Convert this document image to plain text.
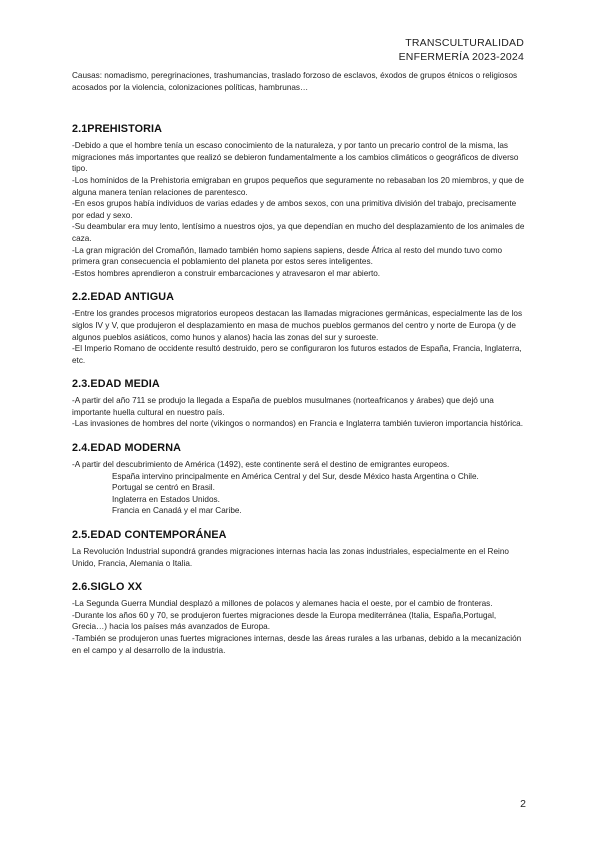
TRANSCULTURALIDAD
ENFERMERÍA 2023-2024

Causas: nomadismo, peregrinaciones, trashumancias, traslado forzoso de esclavos, éxodos de grupos étnicos o religiosos acosados por la violencia, colonizaciones políticas, hambrunas…

2.1PREHISTORIA

-Debido a que el hombre tenía un escaso conocimiento de la naturaleza, y por tanto un precario control de la misma, las migraciones más importantes que realizó se debieron fundamentalmente a los cambios climáticos o geográficos de diverso tipo.

-Los homínidos de la Prehistoria emigraban en grupos pequeños que seguramente no rebasaban los 20 miembros, y que de alguna manera tenían relaciones de parentesco.

-En esos grupos había individuos de varias edades y de ambos sexos, con una primitiva división del trabajo, precisamente por edad y sexo.

-Su deambular era muy lento, lentísimo a nuestros ojos, ya que dependían en mucho del desplazamiento de los animales de caza.

-La gran migración del Cromañón, llamado también homo sapiens sapiens, desde África al resto del mundo tuvo como primera gran consecuencia el poblamiento del planeta por estos seres inteligentes.

-Estos hombres aprendieron a construir embarcaciones y atravesaron el mar abierto.

2.2.EDAD ANTIGUA

-Entre los grandes procesos migratorios europeos destacan las llamadas migraciones germánicas, especialmente las de los siglos IV y V, que produjeron el desplazamiento en masa de muchos pueblos germanos del centro y norte de Europa (y de algunos pueblos asiáticos, como hunos y alanos) hacia las zonas del sur y suroeste.

-El Imperio Romano de occidente resultó destruido, pero se configuraron los futuros estados de España, Francia, Inglaterra, etc.

2.3.EDAD MEDIA

-A partir del año 711 se produjo la llegada a España de pueblos musulmanes (norteafricanos y árabes) que dejó una importante huella cultural en nuestro país.

-Las invasiones de hombres del norte (vikingos o normandos) en Francia e Inglaterra también tuvieron importancia histórica.

2.4.EDAD MODERNA

-A partir del descubrimiento de América (1492), este continente será el destino de emigrantes europeos.

España intervino principalmente en América Central y del Sur, desde México hasta Argentina o Chile.

Portugal se centró en Brasil.

Inglaterra en Estados Unidos.

Francia en Canadá y el mar Caribe.

2.5.EDAD CONTEMPORÁNEA

La Revolución Industrial supondrá grandes migraciones internas hacia las zonas industriales, especialmente en el Reino Unido, Francia, Alemania o Italia.

2.6.SIGLO XX

-La Segunda Guerra Mundial desplazó a millones de polacos y alemanes hacia el oeste, por el cambio de fronteras.

-Durante los años 60 y 70, se produjeron fuertes migraciones desde la Europa mediterránea (Italia, España,Portugal, Grecia…) hacia los países más avanzados de Europa.

-También se produjeron unas fuertes migraciones internas, desde las áreas rurales a las urbanas, debido a la mecanización en el campo y al desarrollo de la industria.

2
